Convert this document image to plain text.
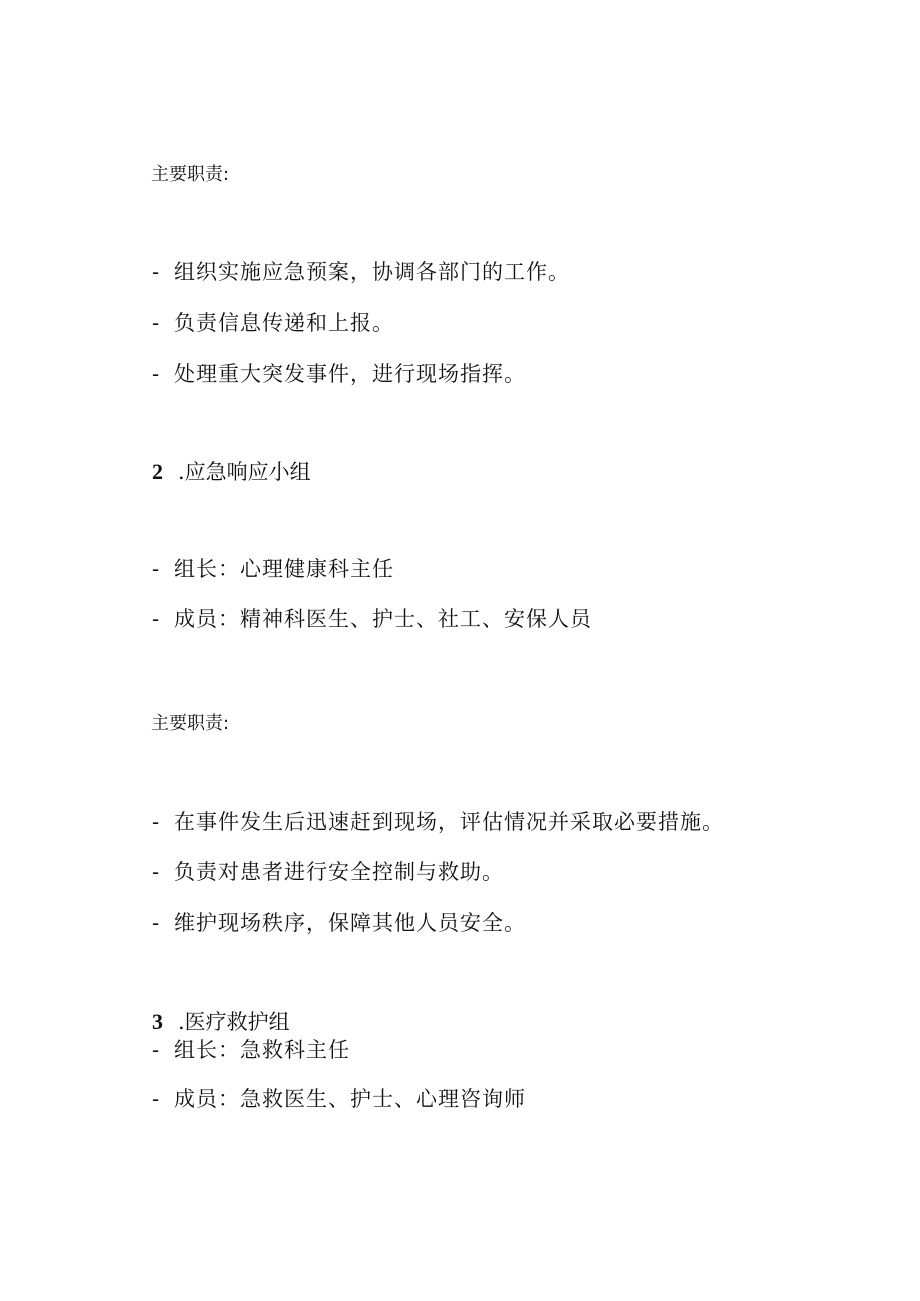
主要职责:
- 组织实施应急预案，协调各部门的工作。
- 负责信息传递和上报。
- 处理重大突发事件，进行现场指挥。
2 .应急响应小组
- 组长：心理健康科主任
- 成员：精神科医生、护士、社工、安保人员
主要职责:
- 在事件发生后迅速赶到现场，评估情况并采取必要措施。
- 负责对患者进行安全控制与救助。
- 维护现场秩序，保障其他人员安全。
3 .医疗救护组
- 组长：急救科主任
- 成员：急救医生、护士、心理咨询师
